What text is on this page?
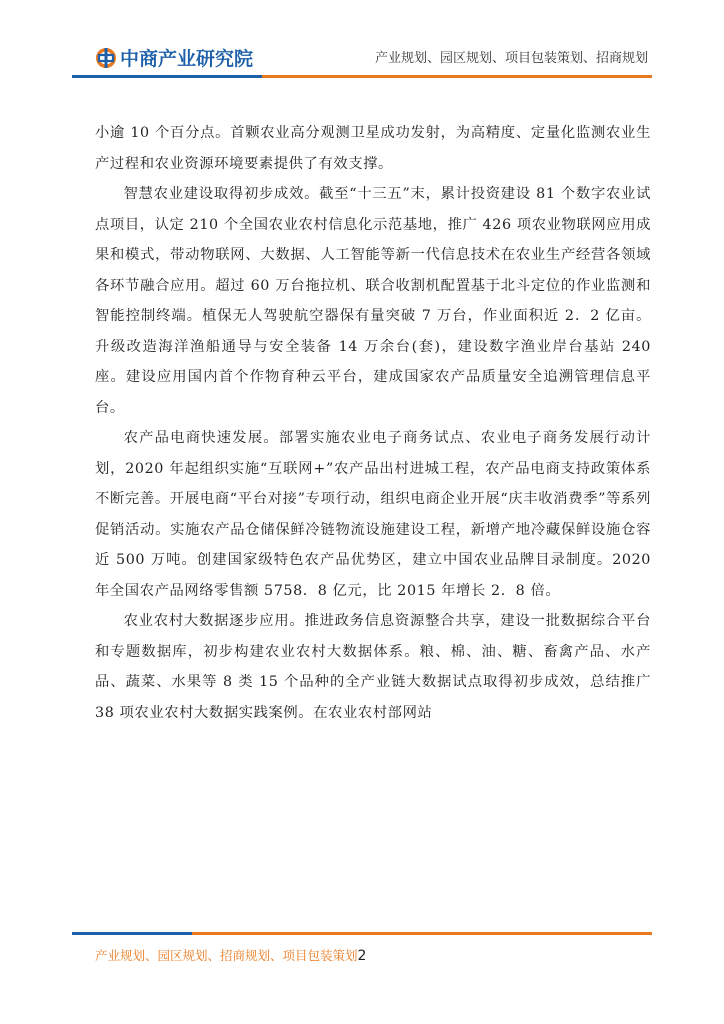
中商产业研究院	产业规划、园区规划、项目包装策划、招商规划

小逾 10 个百分点。首颗农业高分观测卫星成功发射，为高精度、定量化监测农业生产过程和农业资源环境要素提供了有效支撑。

智慧农业建设取得初步成效。截至“十三五”末，累计投资建设 81 个数字农业试点项目，认定 210 个全国农业农村信息化示范基地，推广 426 项农业物联网应用成果和模式，带动物联网、大数据、人工智能等新一代信息技术在农业生产经营各领域各环节融合应用。超过 60 万台拖拉机、联合收割机配置基于北斗定位的作业监测和智能控制终端。植保无人驾驶航空器保有量突破 7 万台，作业面积近 2．2 亿亩。升级改造海洋渔船通导与安全装备 14 万余台(套)，建设数字渔业岸台基站 240 座。建设应用国内首个作物育种云平台，建成国家农产品质量安全追溯管理信息平台。

农产品电商快速发展。部署实施农业电子商务试点、农业电子商务发展行动计划，2020 年起组织实施“互联网+”农产品出村进城工程，农产品电商支持政策体系不断完善。开展电商“平台对接”专项行动，组织电商企业开展“庆丰收消费季”等系列促销活动。实施农产品仓储保鲜冷链物流设施建设工程，新增产地冷藏保鲜设施仓容近 500 万吨。创建国家级特色农产品优势区，建立中国农业品牌目录制度。2020 年全国农产品网络零售额 5758．8 亿元，比 2015 年增长 2．8 倍。

农业农村大数据逐步应用。推进政务信息资源整合共享，建设一批数据综合平台和专题数据库，初步构建农业农村大数据体系。粮、棉、油、糖、畜禽产品、水产品、蔬菜、水果等 8 类 15 个品种的全产业链大数据试点取得初步成效，总结推广 38 项农业农村大数据实践案例。在农业农村部网站

产业规划、园区规划、招商规划、项目包装策划2
